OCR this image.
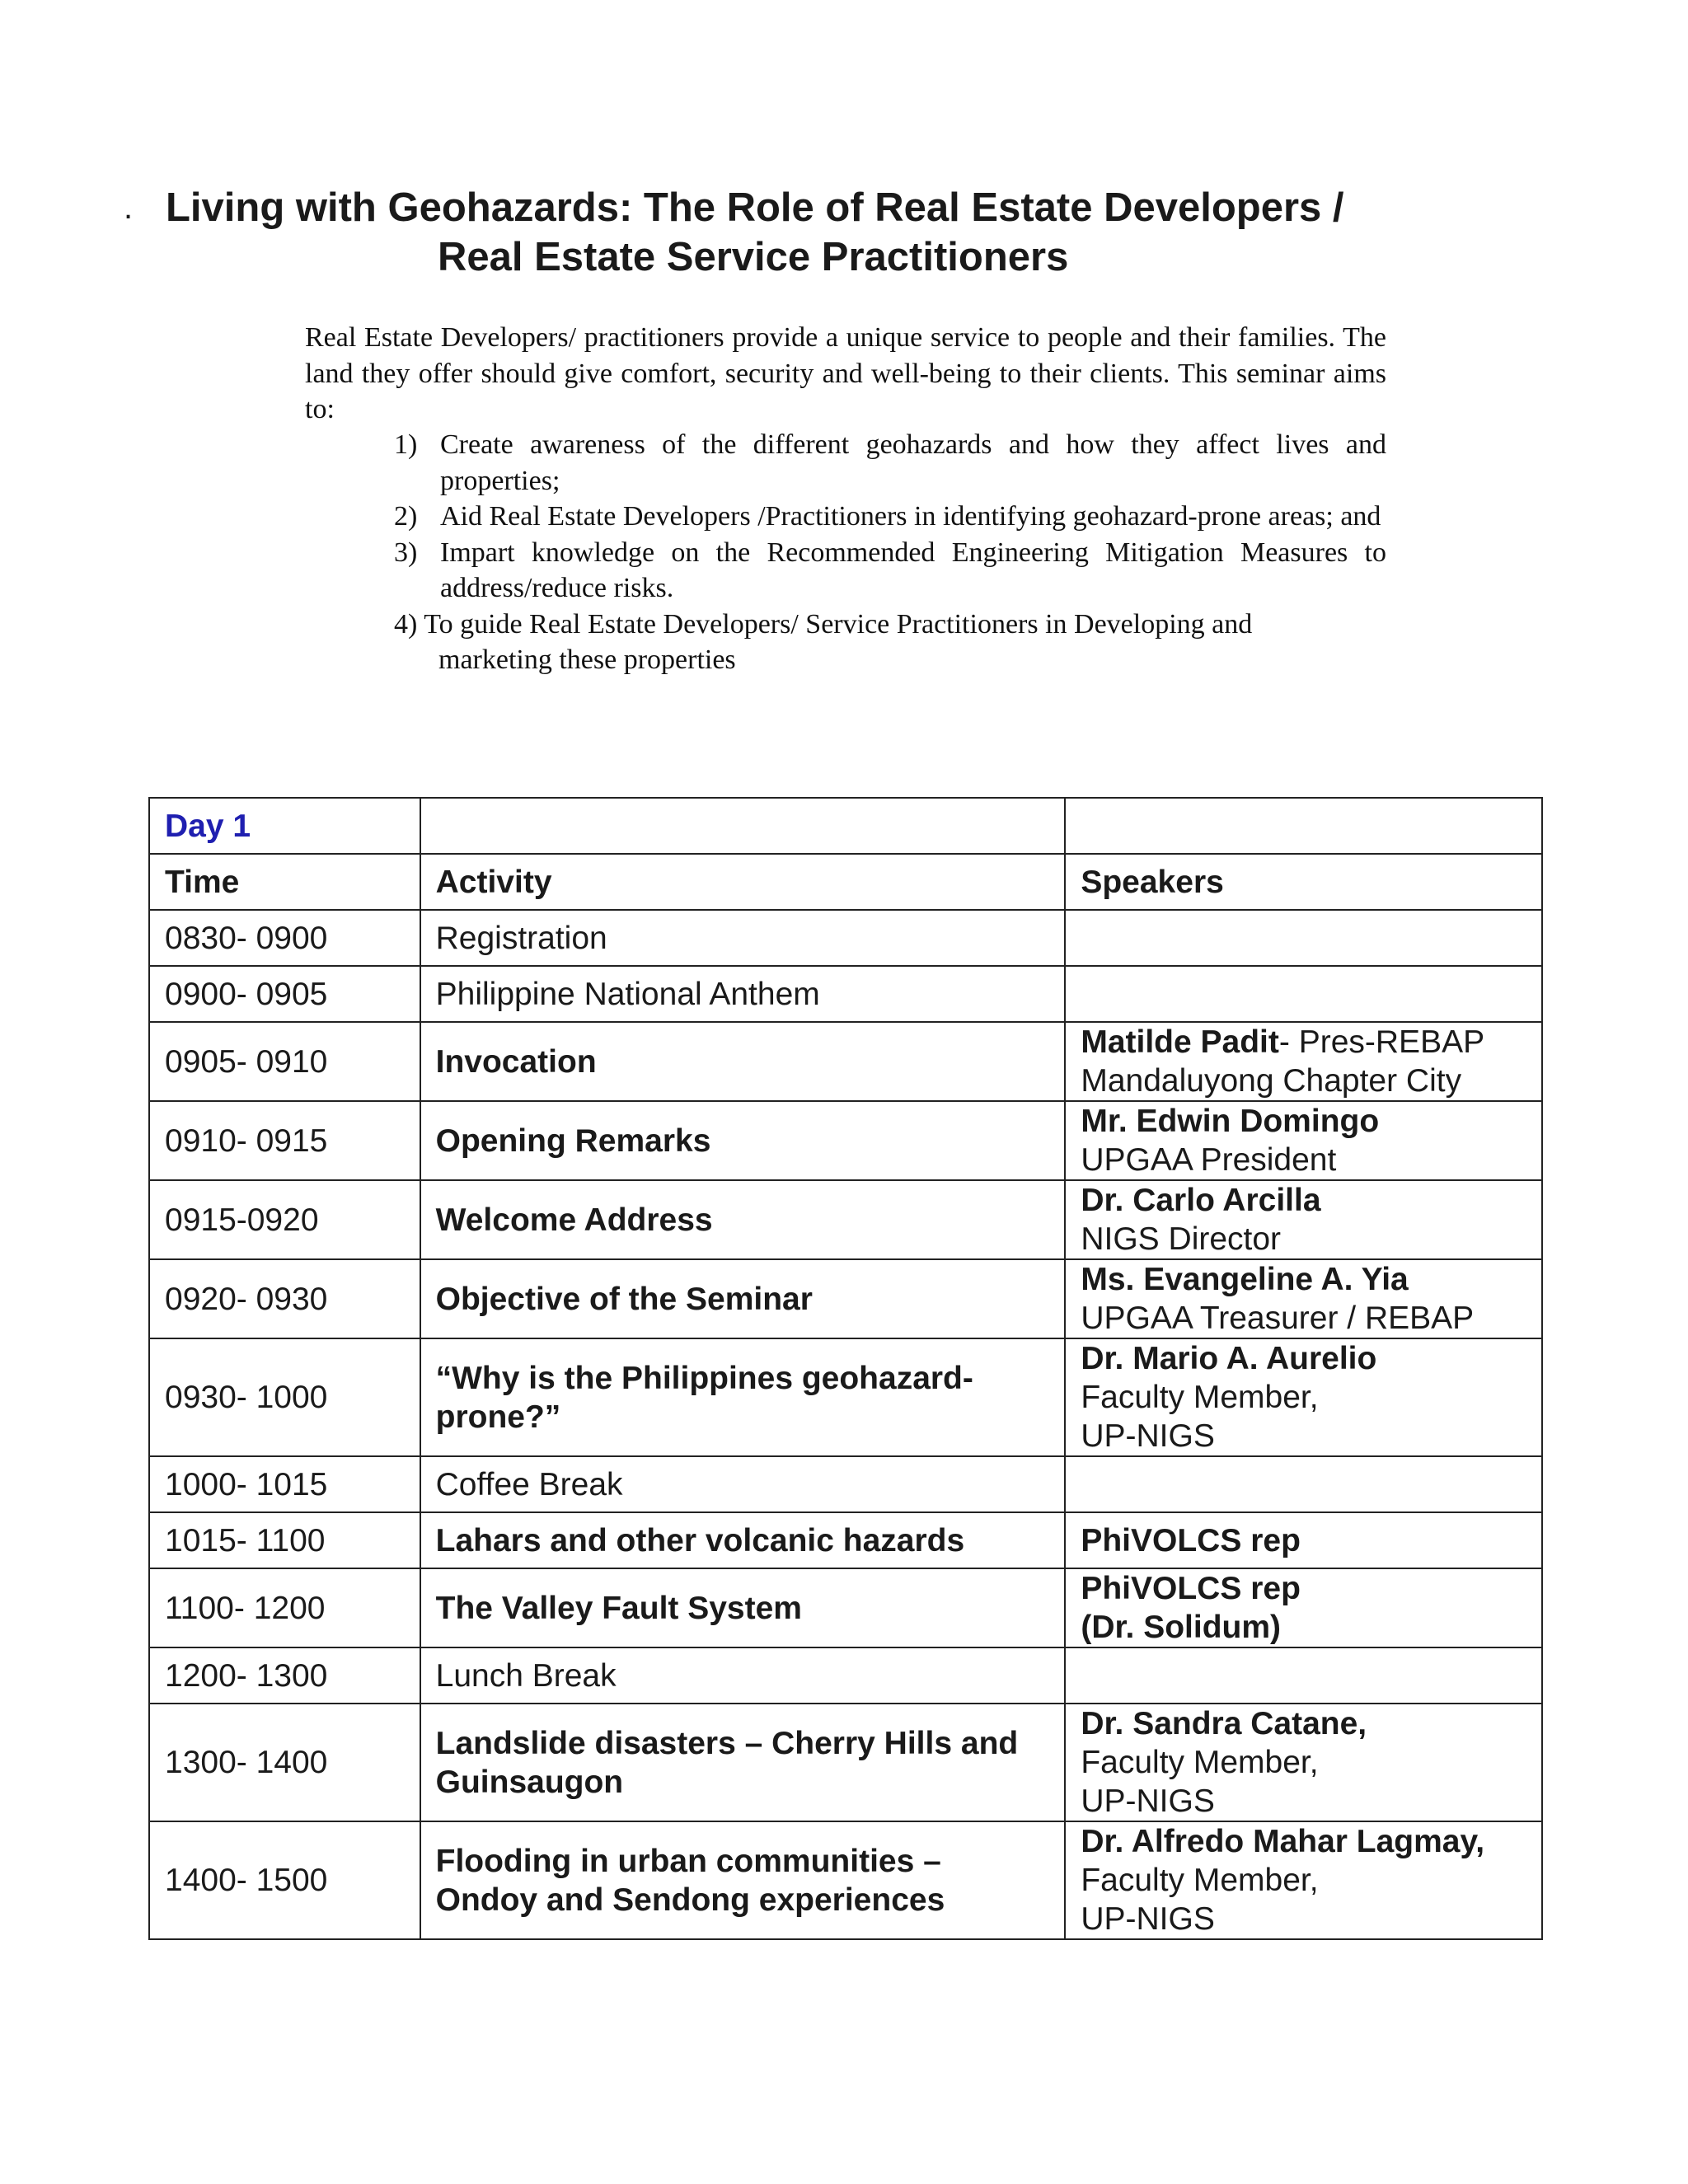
. Living with Geohazards: The Role of Real Estate Developers /
Real Estate Service Practitioners

Real Estate Developers/ practitioners provide a unique service to people and their families. The land they offer should give comfort, security and well-being to their clients. This seminar aims to:

1) Create awareness of the different geohazards and how they affect lives and properties;
2) Aid Real Estate Developers /Practitioners in identifying geohazard-prone areas; and
3) Impart knowledge on the Recommended Engineering Mitigation Measures to address/reduce risks.
4) To guide Real Estate Developers/ Service Practitioners in Developing and
marketing these properties
Day 1		
Time	Activity	Speakers
0830- 0900	Registration	
0900- 0905	Philippine National Anthem	
0905- 0910	Invocation	Matilde Padit- Pres-REBAP
Mandaluyong Chapter City

0910- 0915	Opening Remarks	Mr. Edwin Domingo
UPGAA President

0915-0920	Welcome Address	Dr. Carlo Arcilla
NIGS Director

0920- 0930	Objective of the Seminar	Ms. Evangeline A. Yia
UPGAA Treasurer / REBAP

0930- 1000	“Why is the Philippines geohazard-
prone?”	Dr. Mario A. Aurelio
Faculty Member,
UP-NIGS

1000- 1015	Coffee Break	
1015- 1100	Lahars and other volcanic hazards	PhiVOLCS rep
1100- 1200	The Valley Fault System	PhiVOLCS rep
(Dr. Solidum)

1200- 1300	Lunch Break	
1300- 1400	Landslide disasters – Cherry Hills and
Guinsaugon	Dr. Sandra Catane,
Faculty Member,
UP-NIGS

1400- 1500	Flooding in urban communities –
Ondoy and Sendong experiences	Dr. Alfredo Mahar Lagmay,
Faculty Member,
UP-NIGS
